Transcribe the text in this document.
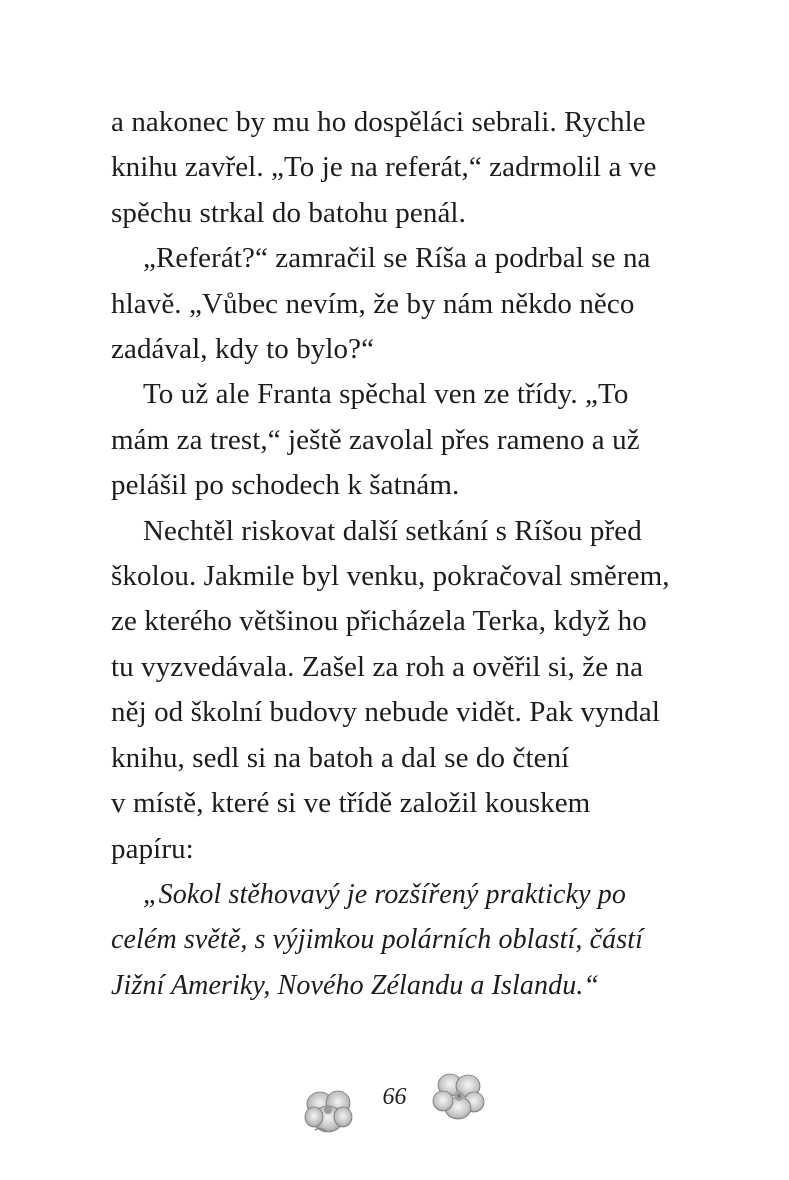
a nakonec by mu ho dospěláci sebrali. Rychle
knihu zavřel. „To je na referát,“ zadrmolil a ve
spěchu strkal do batohu penál.
„Referát?“ zamračil se Ríša a podrbal se na
hlavě. „Vůbec nevím, že by nám někdo něco
zadával, kdy to bylo?“
To už ale Franta spěchal ven ze třídy. „To
mám za trest,“ ještě zavolal přes rameno a už
pelášil po schodech k šatnám.
Nechtěl riskovat další setkání s Ríšou před
školou. Jakmile byl venku, pokračoval směrem,
ze kterého většinou přicházela Terka, když ho
tu vyzvedávala. Zašel za roh a ověřil si, že na
něj od školní budovy nebude vidět. Pak vyndal
knihu, sedl si na batoh a dal se do čtení
v místě, které si ve třídě založil kouskem
papíru:
„Sokol stěhovavý je rozšířený prakticky po
celém světě, s výjimkou polárních oblastí, částí
Jižní Ameriky, Nového Zélandu a Islandu.“
66
